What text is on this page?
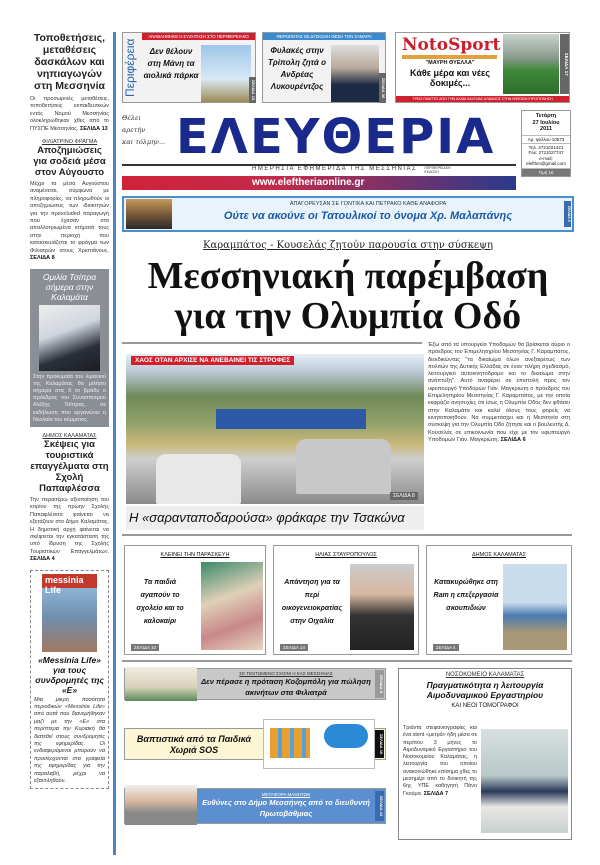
Τοποθετήσεις, μεταθέσεις δασκάλων και νηπιαγωγών στη Μεσσηνία

Οι προσωρινές μεταθέσεις, τοποθετήσεις εκπαιδευτικών εντός Νομού Μεσσηνίας ολοκληρώθηκαν χθες από το ΠΥΣΠΕ Μεσσηνίας. ΣΕΛΙΔΑ 13

ΦΙΛΙΑΤΡΙΝΟ ΦΡΑΓΜΑ
Αποζημιώσεις για σοδειά μέσα στον Αύγουστο

Μέχρι τα μέσα Αυγούστου αναμένεται, σύμφωνα με πληροφορίες, να πληρωθούν οι αποζημιώσεις των ιδιοκτητών για την πρexcluded παραγωγή που έχασαν στα απαλλοτριωμένα κτήματά τους στην περιοχή που κατασκευάζεται το φράγμα των Φιλιατρών στους Χριστιάνους. ΣΕΛΙΔΑ 8

Ομιλία Τσίπρα σήμερα στην Καλαμάτα

Στην προκυμαία του λιμανιού της Καλαμάτας θα μιλήσει σήμερα στις 9 το βράδυ ο πρόεδρος του Συνασπισμού Αλέξης Τσίπρας, σε εκδήλωση που οργανώνει η Νεολαία του κόμματος.

ΔΗΜΟΣ ΚΑΛΑΜΑΤΑΣ
Σκέψεις για τουριστικά επαγγέλματα στη Σχολή Παπαφλέσσα

Την περαιτέρω αξιοποίηση του κτιρίου της πρώην Σχολής Παπαφλέσσα φαίνεται να εξετάζουν στο Δήμο Καλαμάτας. Η δημοτική αρχή φαίνεται να σκέφτεται την εγκατάσταση της υπό ίδρυση της Σχολής Τουριστικών Επαγγελμάτων. ΣΕΛΙΔΑ 4

messinia Life
«Messinia Life» για τους συνδρομητές της «Ε»

Μια μικρή ποσότητα περιοδικών «Messinia Life» από αυτά που διανεμήθηκαν μαζί με την «Ε» στα περίπτερα την Κυριακή θα διατεθεί στους συνδρομητές της εφημερίδας. Οι ενδιαφερόμενοι μπορούν να προσέρχονται στα γραφεία της εφημερίδας για την παραλαβή, μέχρι να εξαντληθούν.

Περιφέρεια
ΑΝΑΒΛΗΘΗΚΕ Η ΣΥΖΗΤΗΣΗ ΣΤΟ ΠΕΡΙΦΕΡΕΙΑΚΟ
Δεν θέλουν στη Μάνη τα αιολικά πάρκα
ΣΕΛΙΔΑ 13
ΦΕΡΝΟΝΤΑΣ ΣΕ ΔΥΣΚΟΛΗ ΘΕΣΗ ΤΟΝ ΣΑΜΑΡΑ
Φυλακές στην Τρίπολη ζητά ο Ανδρέας Λυκουρέντζος	ΣΕΛΙΔΑ 30
NotoSport
"ΜΑΥΡΗ ΘΥΕΛΛΑ"
Κάθε μέρα και νέες δοκιμές...
ΣΕΛΙΔΑ 17
ΤΡΕΙΣ ΠΑΙΚΤΕΣ ΑΠΟ ΤΗΝ ΑΧΑΪΑ ΚΑΙ ΕΝΑΣ ΑΛΒΑΝΟΣ ΣΤΗΝ ΘΦΕΣΙΝΗ ΠΡΟΠΟΝΗΣΗ
Θέλει
αρετήν
και τόλμην... ΕΛΕΥΘΕΡΙΑ
ΗΜΕΡΗΣΙΑ ΕΦΗΜΕΡΙΔΑ ΤΗΣ ΜΕΣΣΗΝΙΑΣ ΠΕΡΙΦΕΡΕΙΑΚΗ ΕΚΔΟΣΗ
www.eleftheriaonline.gr
Τετάρτη
27 Ιουλίου
2011
Αρ. φύλλου 10573
Τηλ. 2721021421
Fax: 2721027747
e-mail:
elefthm@gmail.com
Τιμή 1€
ΑΠΑΓΟΡΕΥΣΑΝ ΣΕ ΓΟΝΤΙΚΑ ΚΑΙ ΠΕΤΡΑΚΟ ΚΑΘΕ ΑΝΑΦΟΡΑ
Ούτε να ακούνε οι Τατουλικοί το όνομα Χρ. Μαλαπάνης	ΣΕΛΙΔΑ 5
Καραμπάτος - Κουσελάς ζητούν παρουσία στην σύσκεψη
Μεσσηνιακή παρέμβαση για την Ολυμπία Οδό
ΧΑΟΣ ΟΤΑΝ ΑΡΧΙΣΕ ΝΑ ΑΝΕΒΑΙΝΕΙ ΤΙΣ ΣΤΡΟΦΕΣ
ΣΕΛΙΔΑ 8
Η «σαρανταποδαρούσα» φράκαρε την Τσακώνα

Έξω από τα υπουργεία Υποδομών θα βρίσκεται αύριο ο πρόεδρος του Επιμελητηρίου Μεσσηνίας Γ. Καραμπάτος, διεκδικώντας "τα δικαίωμα όλων ανεξαιρέτως των πολιτών της Δυτικής Ελλάδας σε έναν πλήρη σχεδιασμό, λειτουργικό αυτοκινητόδρομο και το δικαίωμα στην ανάπτυξη". Αυτό αναφέρει σε επιστολή προς τον υφυπουργό Υποδομών Γιάν. Μαγκριώτη ο πρόεδρος του Επιμελητηρίου Μεσσηνίας Γ. Καραμπάτος, με την οποία εκφράζει ανησυχίες ότι ίσως η Ολυμπία Οδός δεν φθάσει στην Καλαμάτα και καλεί όλους τους φορείς να κινητοποιηθούν. Να συμμετάσχει και η Μεσσηνία στη σύσκεψη για την Ολυμπία Οδό ζήτησε και ο βουλευτής Δ. Κουσελάς σε επικοινωνία που είχε με τον υφυπουργό Υποδομών Γιάν. Μαγκριώτη. ΣΕΛΙΔΑ 6

ΚΛΕΙΝΕΙ ΤΗΝ ΠΑΡΑΣΚΕΥΗ
Τα παιδιά αγαπούν το σχολείο και το καλοκαίρι
ΣΕΛΙΔΑ 10
ΗΛΙΑΣ ΣΤΑΥΡΟΠΟΥΛΟΣ
Απάντηση για τα περί οικογενειοκρατίας στην Οιχαλία
ΣΕΛΙΔΑ 14
ΔΗΜΟΣ ΚΑΛΑΜΑΤΑΣ
Κατακυρώθηκε στη Ram η επεξεργασία σκουπιδιών
ΣΕΛΙΔΑ 4
ΣΕ ΤΕΝΤΩΜΕΝΟ ΣΧΟΙΝΙ Η ΕΑΣ ΜΕΣΣΗΝΙΑΣ
Δεν πέρασε η πρόταση Κοζομπόλη για πώληση ακινήτων στα Φιλιατρά	ΣΕΛΙΔΑ 5
Βαπτιστικά από τα Παιδικά Χωριά SOS	ΣΕΛΙΔΑ 10
ΜΕΤΑΦΟΡΑ ΜΑΘΗΤΩΝ
Ευθύνες στο Δήμο Μεσσήνης από το διευθυντή Πρωτοβάθμιας	ΣΕΛΙΔΑ 12
ΝΟΣΟΚΟΜΕΙΟ ΚΑΛΑΜΑΤΑΣ
Πραγματικότητα η λειτουργία Αιμοδυναμικού Εργαστηρίου
ΚΑΙ ΝΕΟΙ ΤΟΜΟΓΡΑΦΟΙ

Τριάντα στεφανιογραφίες και ένα stent «μετρά» ήδη μέσα σε περίπου 3 μήνες το Αιμοδυναμικό Εργαστήριο του Νοσοκομείου Καλαμάτας, η λειτουργία του οποίου ανακοινώθηκε επίσημα χθες το μεσημέρι από το διοικητή της 6ης ΥΠΕ καθηγητή Πάνο Γκούμα. ΣΕΛΙΔΑ 7
